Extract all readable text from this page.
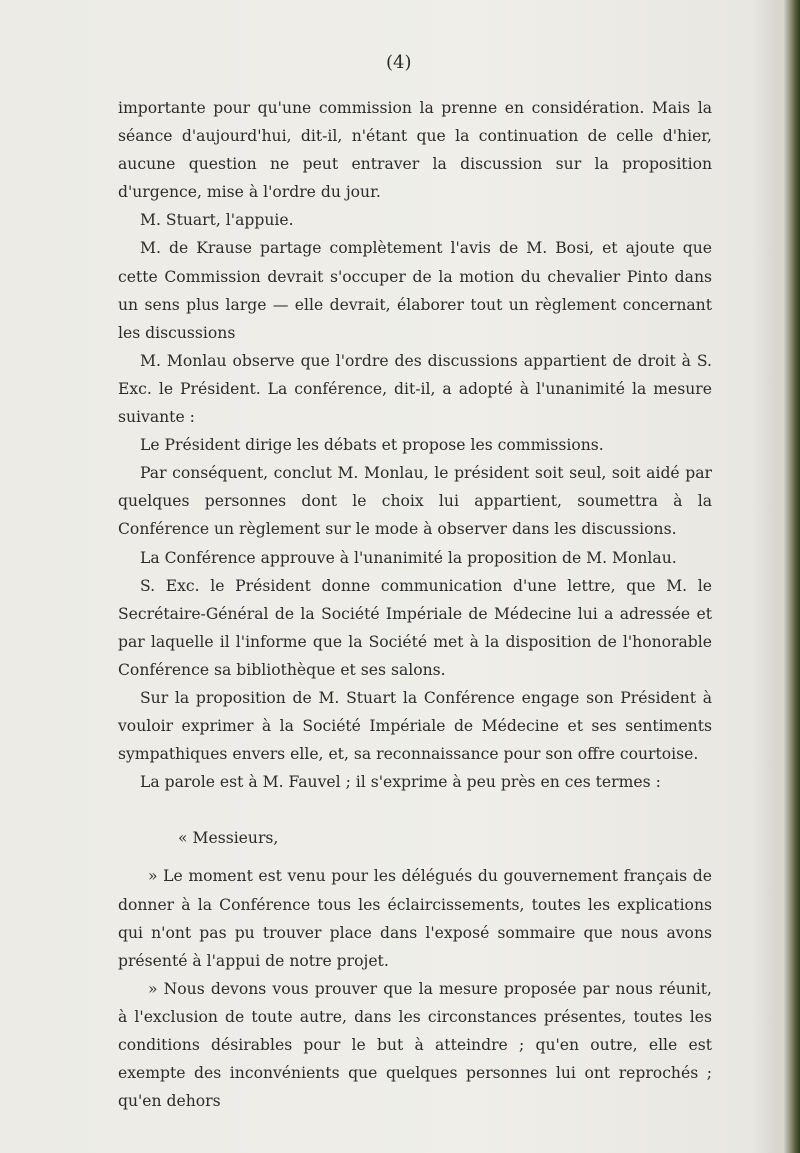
(4)

importante pour qu'une commission la prenne en considération. Mais la séance d'aujourd'hui, dit-il, n'étant que la continuation de celle d'hier, aucune question ne peut entraver la discussion sur la proposition d'urgence, mise à l'ordre du jour.

M. Stuart, l'appuie.

M. de Krause partage complètement l'avis de M. Bosi, et ajoute que cette Commission devrait s'occuper de la motion du chevalier Pinto dans un sens plus large — elle devrait, élaborer tout un règlement concernant les discussions

M. Monlau observe que l'ordre des discussions appartient de droit à S. Exc. le Président. La conférence, dit-il, a adopté à l'unanimité la mesure suivante :

Le Président dirige les débats et propose les commissions.

Par conséquent, conclut M. Monlau, le président soit seul, soit aidé par quelques personnes dont le choix lui appartient, soumettra à la Conférence un règlement sur le mode à observer dans les discussions.

La Conférence approuve à l'unanimité la proposition de M. Monlau.

S. Exc. le Président donne communication d'une lettre, que M. le Secrétaire-Général de la Société Impériale de Médecine lui a adressée et par laquelle il l'informe que la Société met à la disposition de l'honorable Conférence sa bibliothèque et ses salons.

Sur la proposition de M. Stuart la Conférence engage son Président à vouloir exprimer à la Société Impériale de Médecine et ses sentiments sympathiques envers elle, et, sa reconnaissance pour son offre courtoise.

La parole est à M. Fauvel ; il s'exprime à peu près en ces termes :

« Messieurs,

» Le moment est venu pour les délégués du gouvernement français de donner à la Conférence tous les éclaircissements, toutes les explications qui n'ont pas pu trouver place dans l'exposé sommaire que nous avons présenté à l'appui de notre projet.

» Nous devons vous prouver que la mesure proposée par nous réunit, à l'exclusion de toute autre, dans les circonstances présentes, toutes les conditions désirables pour le but à atteindre ; qu'en outre, elle est exempte des inconvénients que quelques personnes lui ont reprochés ; qu'en dehors
